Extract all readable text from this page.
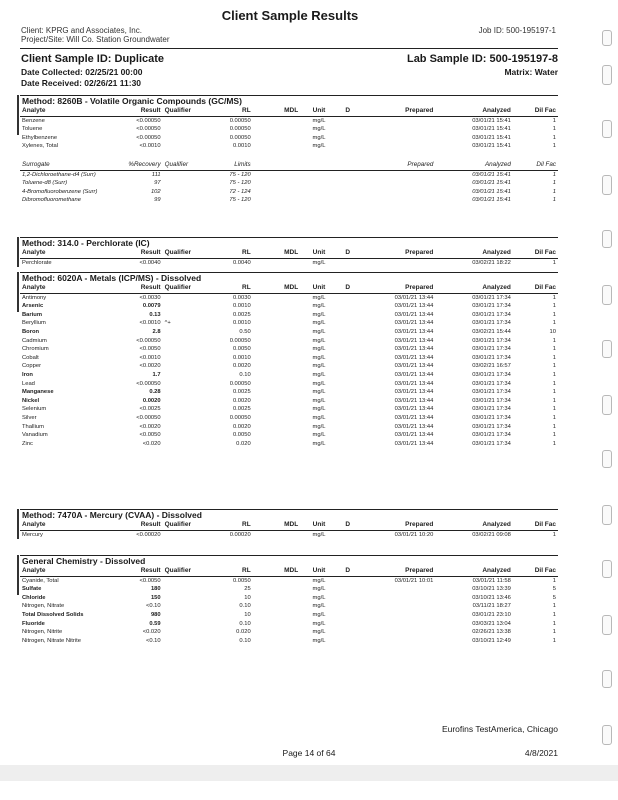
Client Sample Results
Client: KPRG and Associates, Inc.
Project/Site: Will Co. Station Groundwater
Job ID: 500-195197-1
Client Sample ID: Duplicate	Lab Sample ID: 500-195197-8
Date Collected: 02/25/21 00:00	Matrix: Water
Date Received: 02/26/21 11:30
Method: 8260B - Volatile Organic Compounds (GC/MS)
Analyte	Result	Qualifier	RL	MDL	Unit	D	Prepared	Analyzed	Dil Fac
Benzene	<0.00050		0.00050		mg/L			03/01/21 15:41	1
Toluene	<0.00050		0.00050		mg/L			03/01/21 15:41	1
Ethylbenzene	<0.00050		0.00050		mg/L			03/01/21 15:41	1
Xylenes, Total	<0.0010		0.0010		mg/L			03/01/21 15:41	1

Surrogate	%Recovery	Qualifier	Limits				Prepared	Analyzed	Dil Fac
1,2-Dichloroethane-d4 (Surr)	111		75 - 120					03/01/21 15:41	1
Toluene-d8 (Surr)	97		75 - 120					03/01/21 15:41	1
4-Bromofluorobenzene (Surr)	102		72 - 124					03/01/21 15:41	1
Dibromofluoromethane	99		75 - 120					03/01/21 15:41	1
Method: 314.0 - Perchlorate (IC)
Analyte	Result	Qualifier	RL	MDL	Unit	D	Prepared	Analyzed	Dil Fac
Perchlorate	<0.0040		0.0040		mg/L			03/02/21 18:22	1
Method: 6020A - Metals (ICP/MS) - Dissolved
Analyte	Result	Qualifier	RL	MDL	Unit	D	Prepared	Analyzed	Dil Fac
Antimony	<0.0030		0.0030		mg/L		03/01/21 13:44	03/01/21 17:34	1
Arsenic	0.0079		0.0010		mg/L		03/01/21 13:44	03/01/21 17:34	1
Barium	0.13		0.0025		mg/L		03/01/21 13:44	03/01/21 17:34	1
Beryllium	<0.0010	^+	0.0010		mg/L		03/01/21 13:44	03/01/21 17:34	1
Boron	2.8		0.50		mg/L		03/01/21 13:44	03/02/21 15:44	10
Cadmium	<0.00050		0.00050		mg/L		03/01/21 13:44	03/01/21 17:34	1
Chromium	<0.0050		0.0050		mg/L		03/01/21 13:44	03/01/21 17:34	1
Cobalt	<0.0010		0.0010		mg/L		03/01/21 13:44	03/01/21 17:34	1
Copper	<0.0020		0.0020		mg/L		03/01/21 13:44	03/02/21 16:57	1
Iron	1.7		0.10		mg/L		03/01/21 13:44	03/01/21 17:34	1
Lead	<0.00050		0.00050		mg/L		03/01/21 13:44	03/01/21 17:34	1
Manganese	0.28		0.0025		mg/L		03/01/21 13:44	03/01/21 17:34	1
Nickel	0.0020		0.0020		mg/L		03/01/21 13:44	03/01/21 17:34	1
Selenium	<0.0025		0.0025		mg/L		03/01/21 13:44	03/01/21 17:34	1
Silver	<0.00050		0.00050		mg/L		03/01/21 13:44	03/01/21 17:34	1
Thallium	<0.0020		0.0020		mg/L		03/01/21 13:44	03/01/21 17:34	1
Vanadium	<0.0050		0.0050		mg/L		03/01/21 13:44	03/01/21 17:34	1
Zinc	<0.020		0.020		mg/L		03/01/21 13:44	03/01/21 17:34	1
Method: 7470A - Mercury (CVAA) - Dissolved
Analyte	Result	Qualifier	RL	MDL	Unit	D	Prepared	Analyzed	Dil Fac
Mercury	<0.00020		0.00020		mg/L		03/01/21 10:20	03/02/21 09:08	1
General Chemistry - Dissolved
Analyte	Result	Qualifier	RL	MDL	Unit	D	Prepared	Analyzed	Dil Fac
Cyanide, Total	<0.0050		0.0050		mg/L		03/01/21 10:01	03/01/21 11:58	1
Sulfate	180		25		mg/L			03/10/21 13:39	5
Chloride	150		10		mg/L			03/10/21 13:46	5
Nitrogen, Nitrate	<0.10		0.10		mg/L			03/11/21 18:27	1
Total Dissolved Solids	980		10		mg/L			03/01/21 23:10	1
Fluoride	0.59		0.10		mg/L			03/03/21 13:04	1
Nitrogen, Nitrite	<0.020		0.020		mg/L			02/26/21 13:38	1
Nitrogen, Nitrate Nitrite	<0.10		0.10		mg/L			03/10/21 12:49	1
Eurofins TestAmerica, Chicago
Page 14 of 64	4/8/2021
